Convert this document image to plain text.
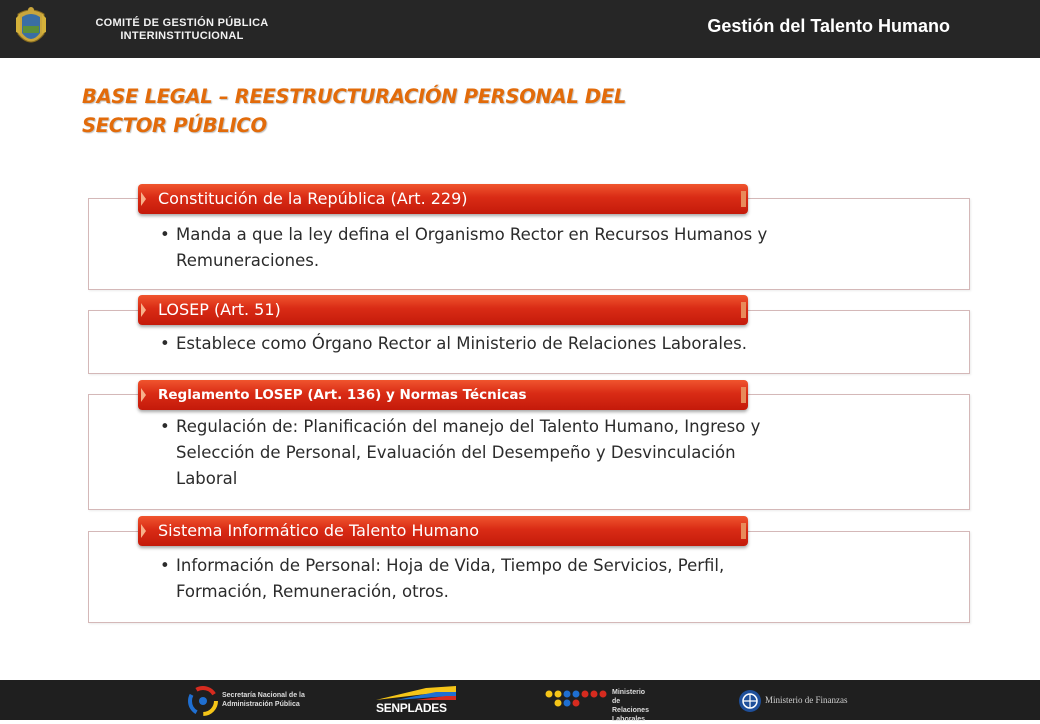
COMITÉ DE GESTIÓN PÚBLICA
INTERINSTITUCIONAL	Gestión del Talento Humano
BASE LEGAL – REESTRUCTURACIÓN PERSONAL DEL
SECTOR PÚBLICO
Constitución de la República (Art. 229)
• Manda a que la ley defina el Organismo Rector en Recursos Humanos y
Remuneraciones.
LOSEP (Art. 51)
• Establece como Órgano Rector al Ministerio de Relaciones Laborales.
Reglamento LOSEP (Art. 136) y Normas Técnicas
• Regulación de: Planificación del manejo del Talento Humano, Ingreso y
Selección de Personal, Evaluación del Desempeño y Desvinculación
Laboral
Sistema Informático de Talento Humano
• Información de Personal: Hoja de Vida, Tiempo de Servicios, Perfil,
Formación, Remuneración, otros.
Secretaría Nacional de la
Administración Pública	SENPLADES
Ministerio
de Relaciones
Laborales
Ministerio de Finanzas
